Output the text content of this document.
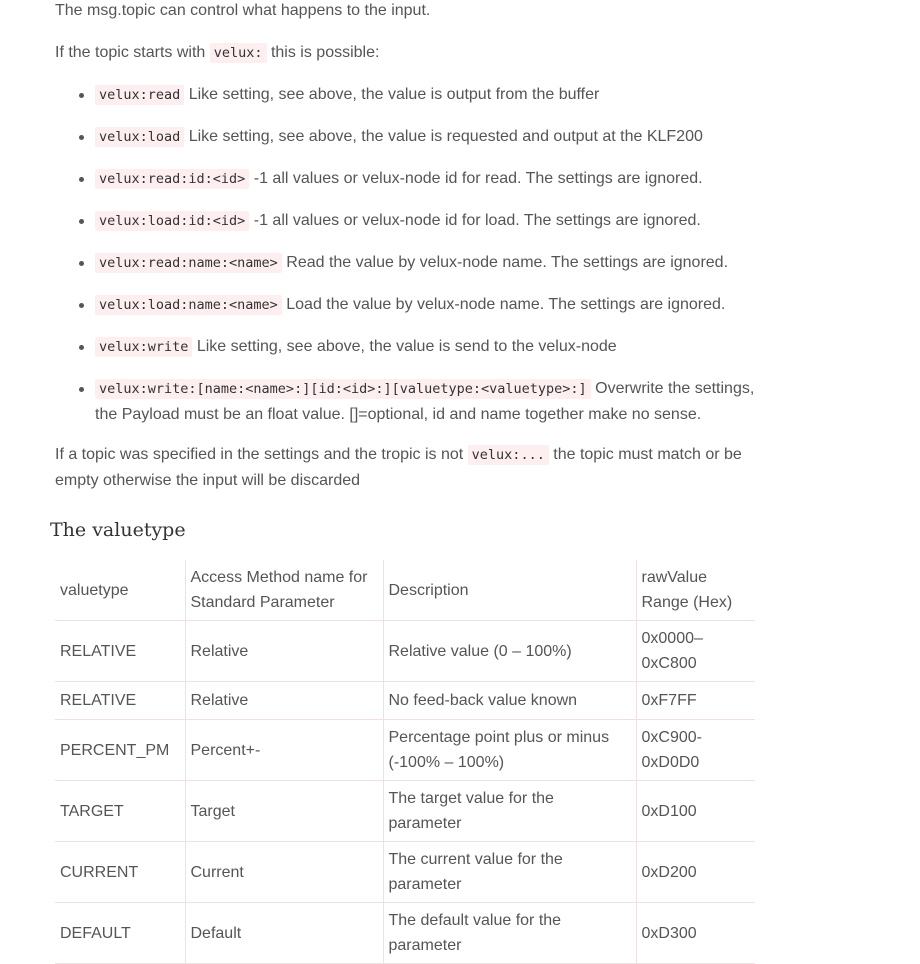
The msg.topic can control what happens to the input.

If the topic starts with velux: this is possible:

velux:read Like setting, see above, the value is output from the buffer
velux:load Like setting, see above, the value is requested and output at the KLF200
velux:read:id:<id> -1 all values or velux-node id for read. The settings are ignored.
velux:load:id:<id> -1 all values or velux-node id for load. The settings are ignored.
velux:read:name:<name> Read the value by velux-node name. The settings are ignored.
velux:load:name:<name> Load the value by velux-node name. The settings are ignored.
velux:write Like setting, see above, the value is send to the velux-node
velux:write:[name:<name>:][id:<id>:][valuetype:<valuetype>:] Overwrite the settings, the Payload must be an float value. []=optional, id and name together make no sense.

If a topic was specified in the settings and the tropic is not velux:... the topic must match or be empty otherwise the input will be discarded

The valuetype
valuetype	Access Method name for Standard Parameter	Description	rawValue Range (Hex)
RELATIVE	Relative	Relative value (0 – 100%)	0x0000–0xC800
RELATIVE	Relative	No feed-back value known	0xF7FF
PERCENT_PM	Percent+-	Percentage point plus or minus (-100% – 100%)	0xC900-0xD0D0
TARGET	Target	The target value for the parameter	0xD100
CURRENT	Current	The current value for the parameter	0xD200
DEFAULT	Default	The default value for the parameter	0xD300
